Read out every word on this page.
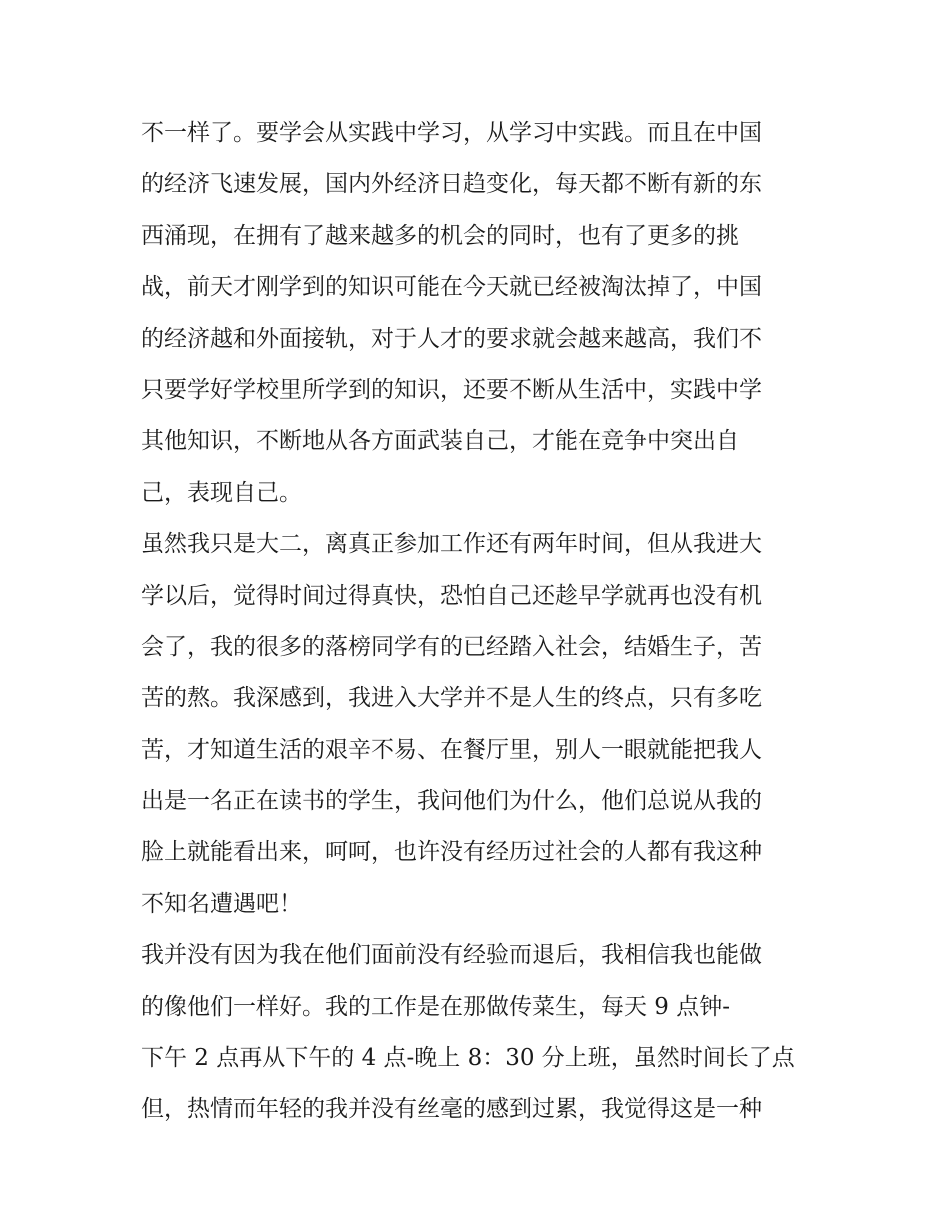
不一样了。要学会从实践中学习，从学习中实践。而且在中国
的经济飞速发展，国内外经济日趋变化，每天都不断有新的东
西涌现，在拥有了越来越多的机会的同时，也有了更多的挑
战，前天才刚学到的知识可能在今天就已经被淘汰掉了，中国
的经济越和外面接轨，对于人才的要求就会越来越高，我们不
只要学好学校里所学到的知识，还要不断从生活中，实践中学
其他知识，不断地从各方面武装自己，才能在竞争中突出自
己，表现自己。
虽然我只是大二，离真正参加工作还有两年时间，但从我进大
学以后，觉得时间过得真快，恐怕自己还趁早学就再也没有机
会了，我的很多的落榜同学有的已经踏入社会，结婚生子，苦
苦的熬。我深感到，我进入大学并不是人生的终点，只有多吃
苦，才知道生活的艰辛不易、在餐厅里，别人一眼就能把我人
出是一名正在读书的学生，我问他们为什么，他们总说从我的
脸上就能看出来，呵呵，也许没有经历过社会的人都有我这种
不知名遭遇吧！
我并没有因为我在他们面前没有经验而退后，我相信我也能做
的像他们一样好。我的工作是在那做传菜生，每天 9 点钟-
下午 2 点再从下午的 4 点-晚上 8：30 分上班，虽然时间长了点
但，热情而年轻的我并没有丝毫的感到过累，我觉得这是一种
